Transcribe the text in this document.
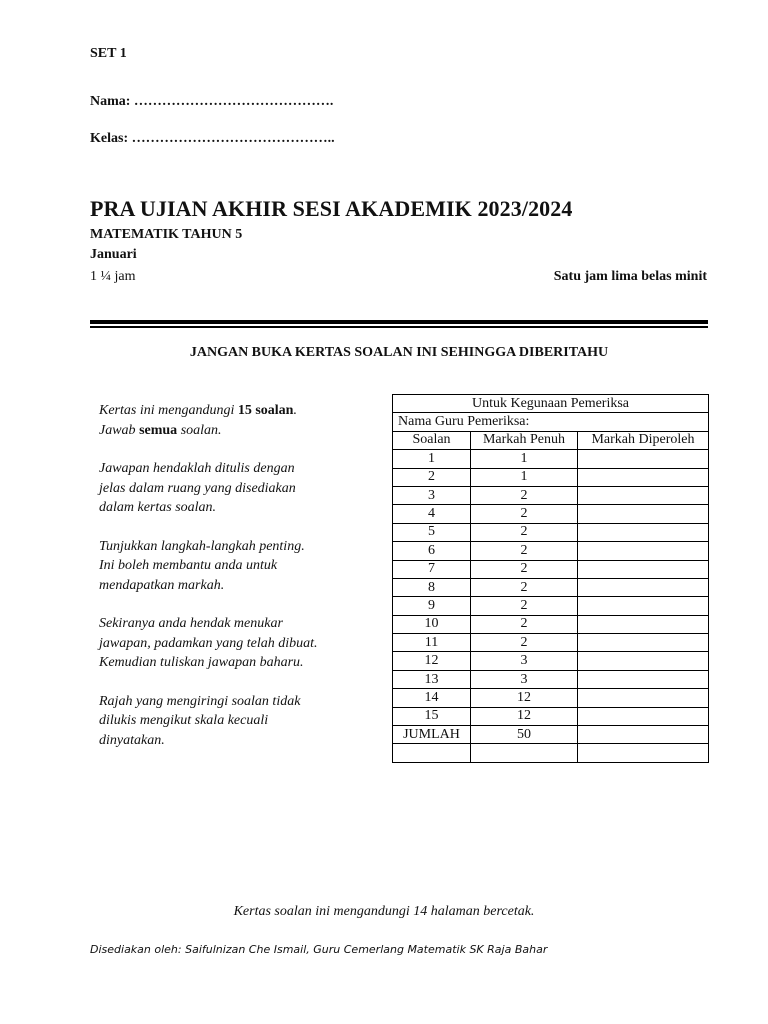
SET 1
Nama: …………………………………….
Kelas: ……………………………………..
PRA UJIAN AKHIR SESI AKADEMIK 2023/2024
MATEMATIK TAHUN 5
Januari
1 ¼ jam	Satu jam lima belas minit
JANGAN BUKA KERTAS SOALAN INI SEHINGGA DIBERITAHU

Kertas ini mengandungi 15 soalan.
Jawab semua soalan.

Jawapan hendaklah ditulis dengan
jelas dalam ruang yang disediakan
dalam kertas soalan.

Tunjukkan langkah-langkah penting.
Ini boleh membantu anda untuk
mendapatkan markah.

Sekiranya anda hendak menukar
jawapan, padamkan yang telah dibuat.
Kemudian tuliskan jawapan baharu.

Rajah yang mengiringi soalan tidak
dilukis mengikut skala kecuali
dinyatakan.

Untuk Kegunaan Pemeriksa		
Nama Guru Pemeriksa:		
Soalan	Markah Penuh	Markah Diperoleh
1	1	
2	1	
3	2	
4	2	
5	2	
6	2	
7	2	
8	2	
9	2	
10	2	
11	2	
12	3	
13	3	
14	12	
15	12	
JUMLAH	50	

Kertas soalan ini mengandungi 14 halaman bercetak.
Disediakan oleh: Saifulnizan Che Ismail, Guru Cemerlang Matematik SK Raja Bahar
